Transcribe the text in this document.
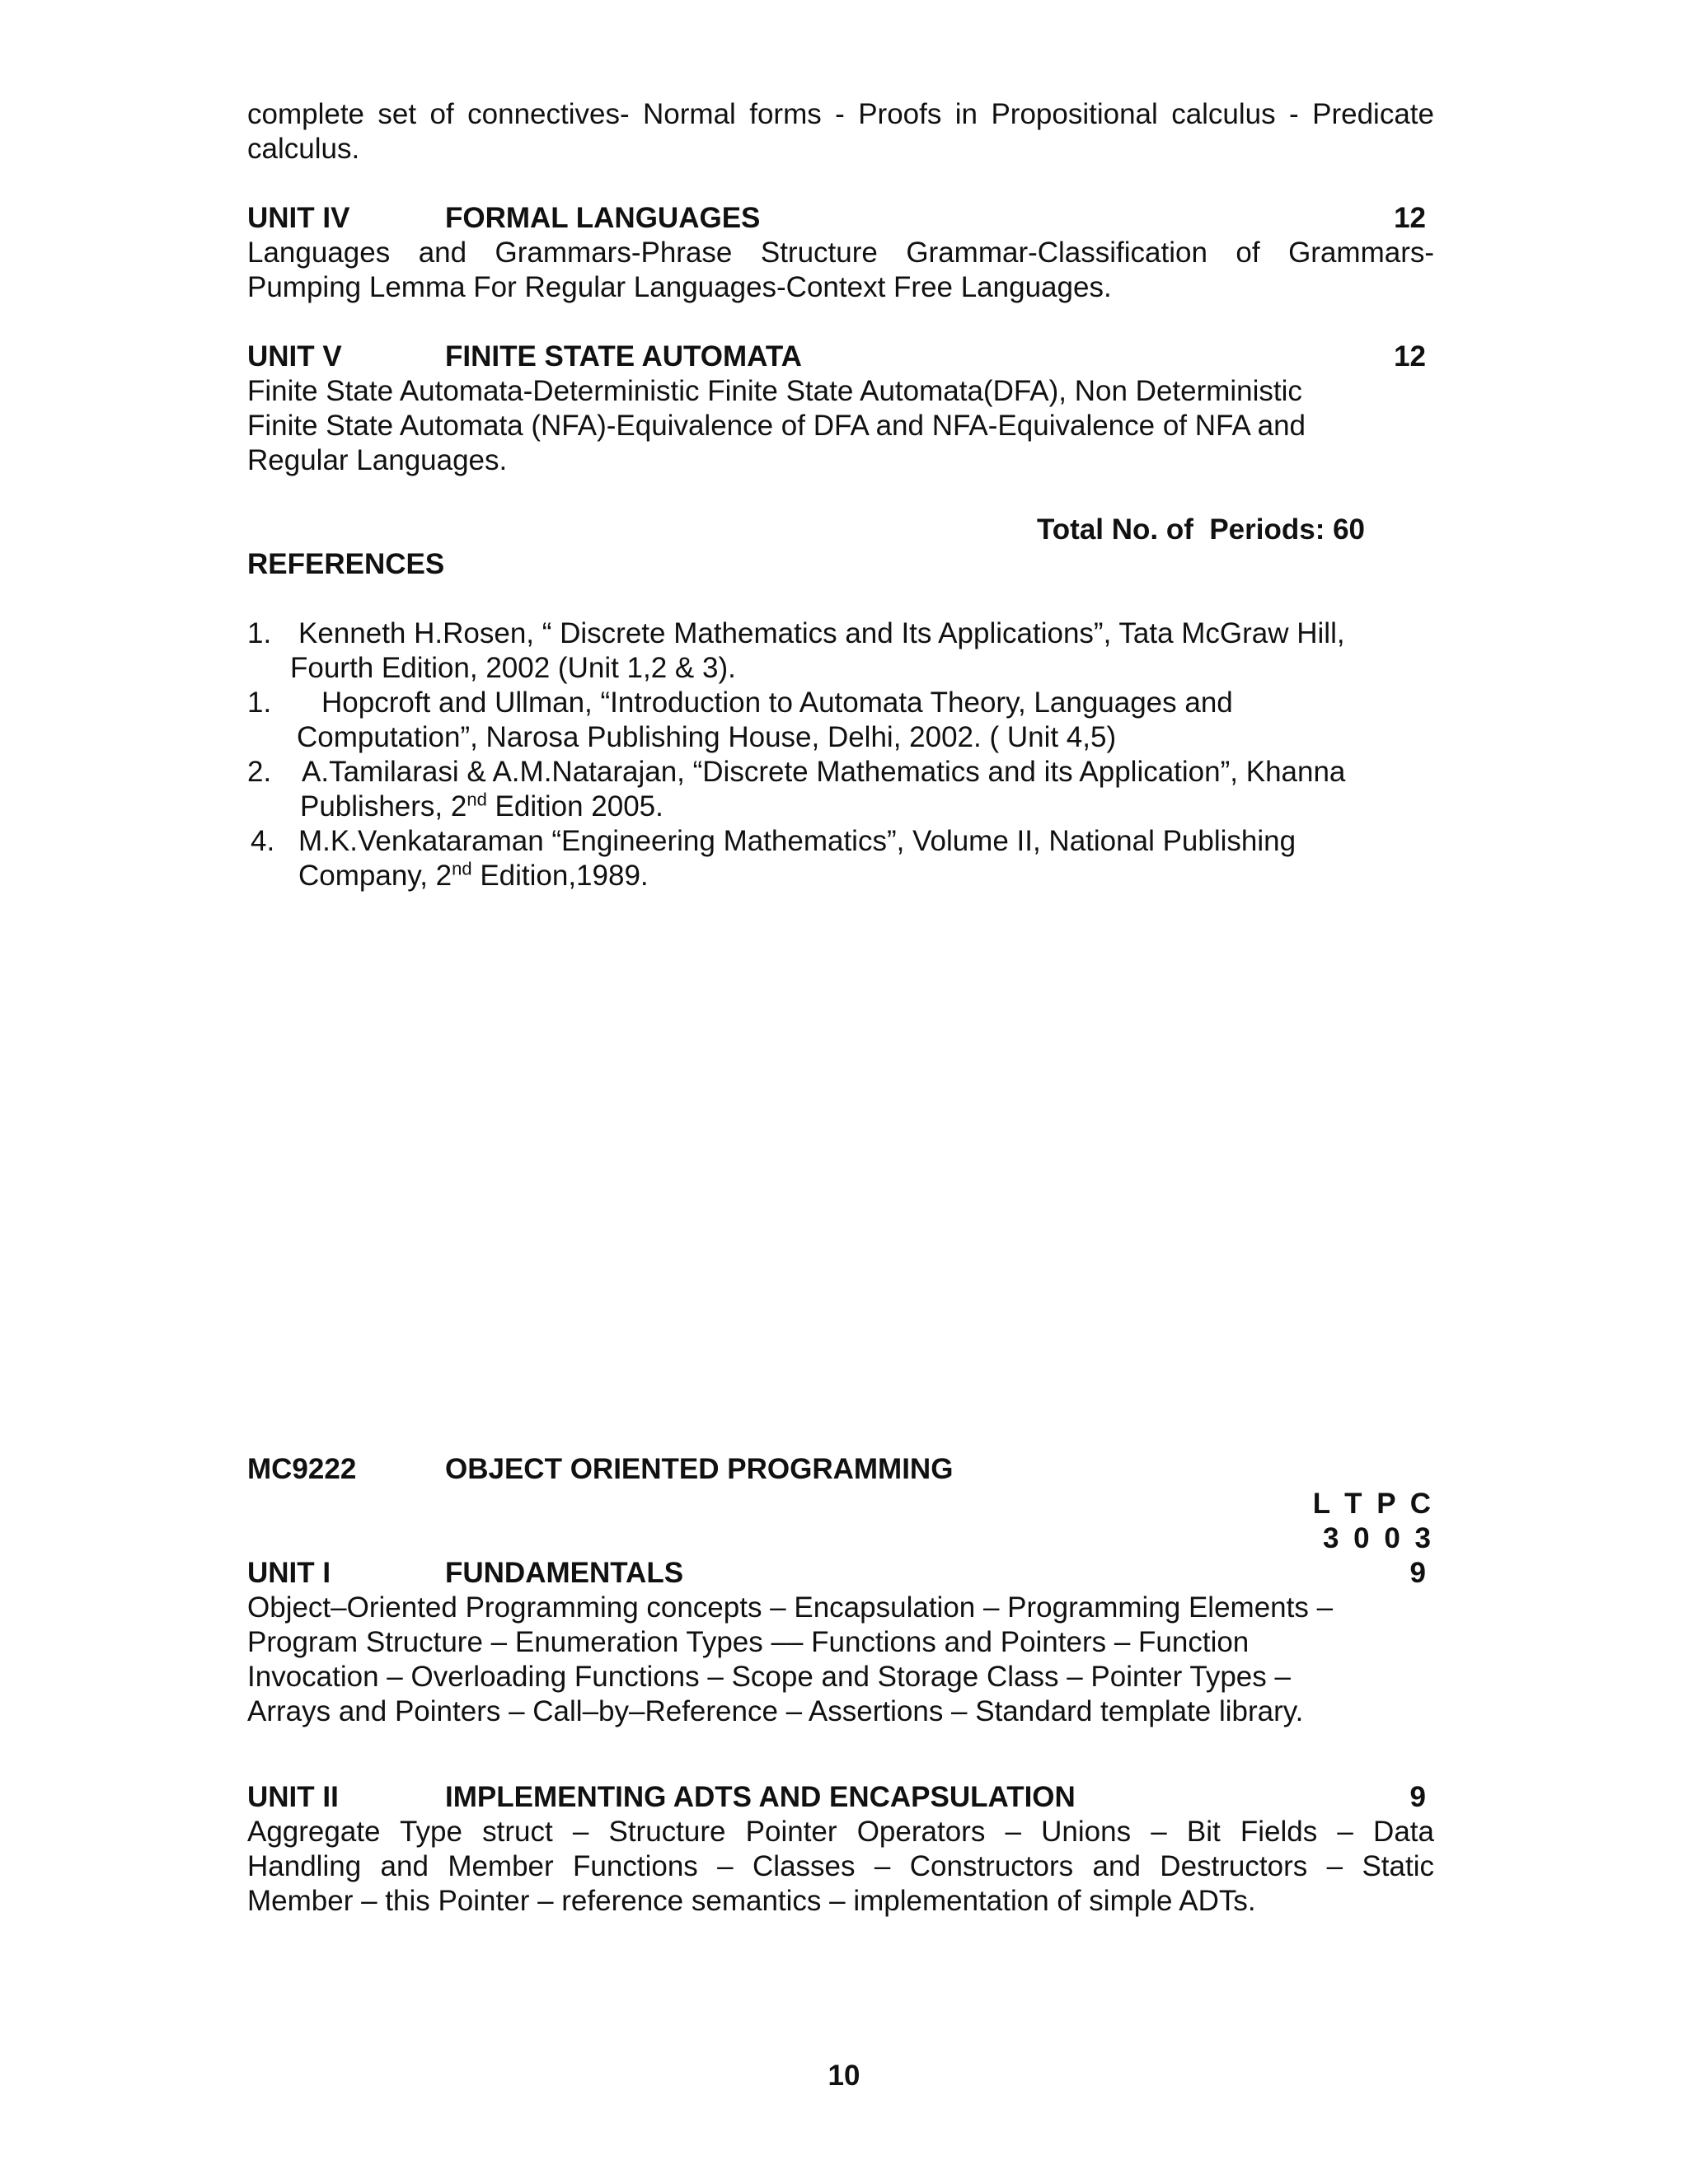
complete set of connectives- Normal forms - Proofs in Propositional calculus - Predicate
calculus.
UNIT IV	FORMAL LANGUAGES	12
Languages and Grammars-Phrase Structure Grammar-Classification of Grammars-
Pumping Lemma For Regular Languages-Context Free Languages.
UNIT V	FINITE STATE AUTOMATA	12
Finite State Automata-Deterministic Finite State Automata(DFA), Non Deterministic
Finite State Automata (NFA)-Equivalence of DFA and NFA-Equivalence of NFA and
Regular Languages.
Total No. of  Periods: 60
REFERENCES
1. Kenneth H.Rosen, “ Discrete Mathematics and Its Applications”, Tata McGraw Hill,
Fourth Edition, 2002 (Unit 1,2 & 3).
1. Hopcroft and Ullman, “Introduction to Automata Theory, Languages and
Computation”, Narosa Publishing House, Delhi, 2002. ( Unit 4,5)
2. A.Tamilarasi & A.M.Natarajan, “Discrete Mathematics and its Application”, Khanna
Publishers, 2nd Edition 2005.
4. M.K.Venkataraman “Engineering Mathematics”, Volume II, National Publishing
Company, 2nd Edition,1989.
MC9222	OBJECT ORIENTED PROGRAMMING
L T P C
3 0 0 3
UNIT I	FUNDAMENTALS	9
Object–Oriented Programming concepts – Encapsulation – Programming Elements –
Program Structure – Enumeration Types –– Functions and Pointers – Function
Invocation – Overloading Functions – Scope and Storage Class – Pointer Types –
Arrays and Pointers – Call–by–Reference – Assertions – Standard template library.
UNIT II	IMPLEMENTING ADTS AND ENCAPSULATION	9
Aggregate Type struct – Structure Pointer Operators – Unions – Bit Fields – Data
Handling and Member Functions – Classes – Constructors and Destructors – Static
Member – this Pointer – reference semantics – implementation of simple ADTs.
10
